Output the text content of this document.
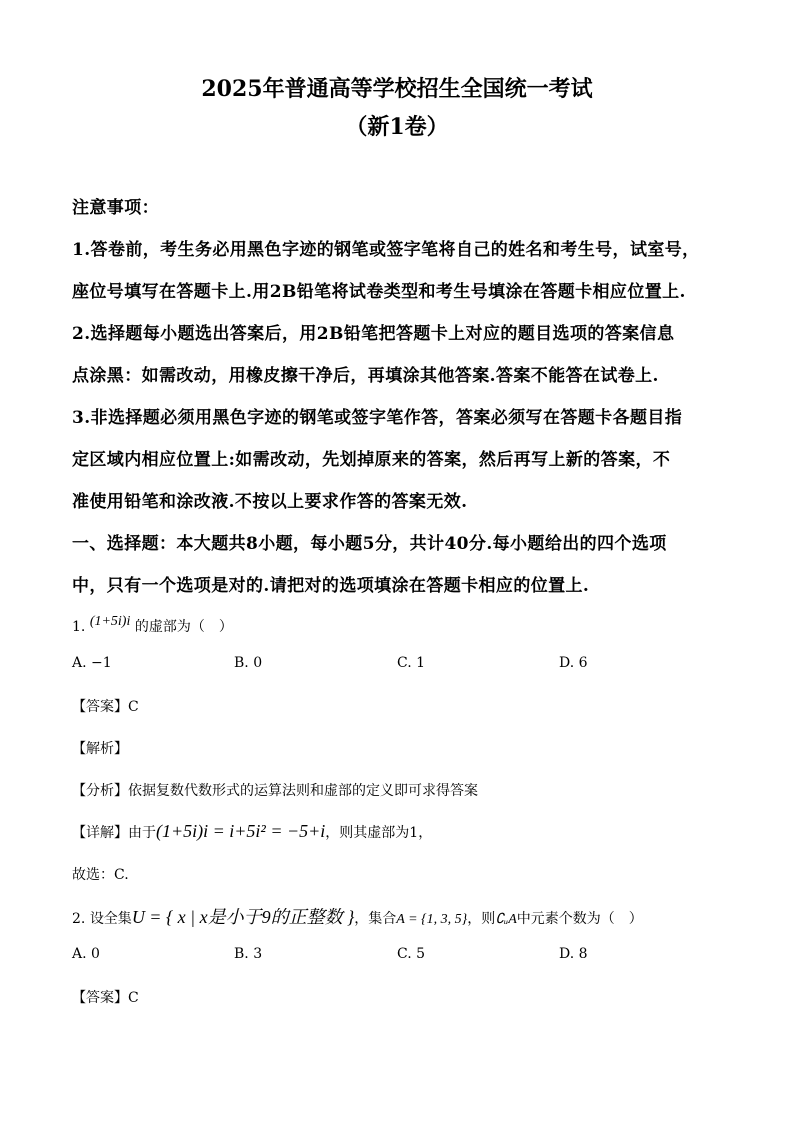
2025年普通高等学校招生全国统一考试
（新1卷）
注意事项：
1.答卷前，考生务必用黑色字迹的钢笔或签字笔将自己的姓名和考生号，试室号，
座位号填写在答题卡上.用2B铅笔将试卷类型和考生号填涂在答题卡相应位置上.
2.选择题每小题选出答案后，用2B铅笔把答题卡上对应的题目选项的答案信息
点涂黑：如需改动，用橡皮擦干净后，再填涂其他答案.答案不能答在试卷上.
3.非选择题必须用黑色字迹的钢笔或签字笔作答，答案必须写在答题卡各题目指
定区域内相应位置上:如需改动，先划掉原来的答案，然后再写上新的答案，不
准使用铅笔和涂改液.不按以上要求作答的答案无效.
一、选择题：本大题共8小题，每小题5分，共计40分.每小题给出的四个选项
中，只有一个选项是对的.请把对的选项填涂在答题卡相应的位置上.
1. (1+5i)i 的虚部为（　）
A. −1	B. 0	C. 1	D. 6
【答案】C
【解析】
【分析】依据复数代数形式的运算法则和虚部的定义即可求得答案
【详解】由于(1+5i)i = i+5i² = −5+i，则其虚部为1，
故选：C.
2. 设全集U = { x | x是小于9的正整数 }，集合A = {1, 3, 5}，则∁ᵤA中元素个数为（　）
A. 0	B. 3	C. 5	D. 8
【答案】C
